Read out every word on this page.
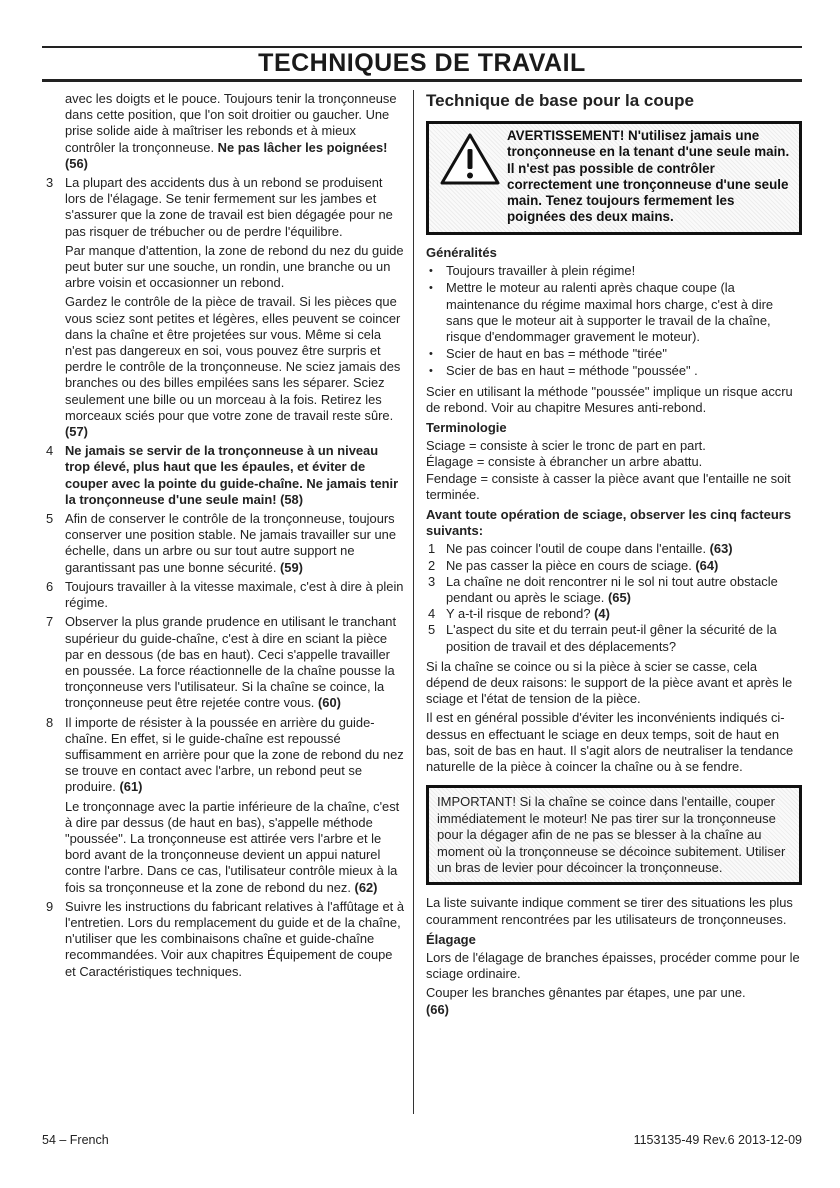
TECHNIQUES DE TRAVAIL

avec les doigts et le pouce. Toujours tenir la tronçonneuse dans cette position, que l'on soit droitier ou gaucher. Une prise solide aide à maîtriser les rebonds et à mieux contrôler la tronçonneuse. Ne pas lâcher les poignées! (56)

3 La plupart des accidents dus à un rebond se produisent lors de l'élagage. Se tenir fermement sur les jambes et s'assurer que la zone de travail est bien dégagée pour ne pas risquer de trébucher ou de perdre l'équilibre.

Par manque d'attention, la zone de rebond du nez du guide peut buter sur une souche, un rondin, une branche ou un arbre voisin et occasionner un rebond.

Gardez le contrôle de la pièce de travail. Si les pièces que vous sciez sont petites et légères, elles peuvent se coincer dans la chaîne et être projetées sur vous. Même si cela n'est pas dangereux en soi, vous pouvez être surpris et perdre le contrôle de la tronçonneuse. Ne sciez jamais des branches ou des billes empilées sans les séparer. Sciez seulement une bille ou un morceau à la fois. Retirez les morceaux sciés pour que votre zone de travail reste sûre. (57)

4 Ne jamais se servir de la tronçonneuse à un niveau trop élevé, plus haut que les épaules, et éviter de couper avec la pointe du guide-chaîne. Ne jamais tenir la tronçonneuse d'une seule main! (58)

5 Afin de conserver le contrôle de la tronçonneuse, toujours conserver une position stable. Ne jamais travailler sur une échelle, dans un arbre ou sur tout autre support ne garantissant pas une bonne sécurité. (59)

6 Toujours travailler à la vitesse maximale, c'est à dire à plein régime.

7 Observer la plus grande prudence en utilisant le tranchant supérieur du guide-chaîne, c'est à dire en sciant la pièce par en dessous (de bas en haut). Ceci s'appelle travailler en poussée. La force réactionnelle de la chaîne pousse la tronçonneuse vers l'utilisateur. Si la chaîne se coince, la tronçonneuse peut être rejetée contre vous. (60)

8 Il importe de résister à la poussée en arrière du guide-chaîne. En effet, si le guide-chaîne est repoussé suffisamment en arrière pour que la zone de rebond du nez se trouve en contact avec l'arbre, un rebond peut se produire. (61)

Le tronçonnage avec la partie inférieure de la chaîne, c'est à dire par dessus (de haut en bas), s'appelle méthode "poussée". La tronçonneuse est attirée vers l'arbre et le bord avant de la tronçonneuse devient un appui naturel contre l'arbre. Dans ce cas, l'utilisateur contrôle mieux à la fois sa tronçonneuse et la zone de rebond du nez. (62)

9 Suivre les instructions du fabricant relatives à l'affûtage et à l'entretien. Lors du remplacement du guide et de la chaîne, n'utiliser que les combinaisons chaîne et guide-chaîne recommandées. Voir aux chapitres Équipement de coupe et Caractéristiques techniques.

Technique de base pour la coupe
AVERTISSEMENT! N'utilisez jamais une tronçonneuse en la tenant d'une seule main. Il n'est pas possible de contrôler correctement une tronçonneuse d'une seule main. Tenez toujours fermement les poignées des deux mains.
Généralités
• Toujours travailler à plein régime!
• Mettre le moteur au ralenti après chaque coupe (la maintenance du régime maximal hors charge, c'est à dire sans que le moteur ait à supporter le travail de la chaîne, risque d'endommager gravement le moteur).
• Scier de haut en bas = méthode "tirée"
• Scier de bas en haut = méthode "poussée" .

Scier en utilisant la méthode "poussée" implique un risque accru de rebond. Voir au chapitre Mesures anti-rebond.

Terminologie

Sciage = consiste à scier le tronc de part en part.

Élagage = consiste à ébrancher un arbre abattu.

Fendage = consiste à casser la pièce avant que l'entaille ne soit terminée.

Avant toute opération de sciage, observer les cinq facteurs suivants:
1 Ne pas coincer l'outil de coupe dans l'entaille. (63)
2 Ne pas casser la pièce en cours de sciage. (64)
3 La chaîne ne doit rencontrer ni le sol ni tout autre obstacle pendant ou après le sciage. (65)
4 Y a-t-il risque de rebond? (4)
5 L'aspect du site et du terrain peut-il gêner la sécurité de la position de travail et des déplacements?

Si la chaîne se coince ou si la pièce à scier se casse, cela dépend de deux raisons: le support de la pièce avant et après le sciage et l'état de tension de la pièce.

Il est en général possible d'éviter les inconvénients indiqués ci-dessus en effectuant le sciage en deux temps, soit de haut en bas, soit de bas en haut. Il s'agit alors de neutraliser la tendance naturelle de la pièce à coincer la chaîne ou à se fendre.

IMPORTANT! Si la chaîne se coince dans l'entaille, couper immédiatement le moteur! Ne pas tirer sur la tronçonneuse pour la dégager afin de ne pas se blesser à la chaîne au moment où la tronçonneuse se décoince subitement. Utiliser un bras de levier pour décoincer la tronçonneuse.

La liste suivante indique comment se tirer des situations les plus couramment rencontrées par les utilisateurs de tronçonneuses.

Élagage

Lors de l'élagage de branches épaisses, procéder comme pour le sciage ordinaire.

Couper les branches gênantes par étapes, une par une.

(66)

54 – French	1153135-49 Rev.6 2013-12-09
